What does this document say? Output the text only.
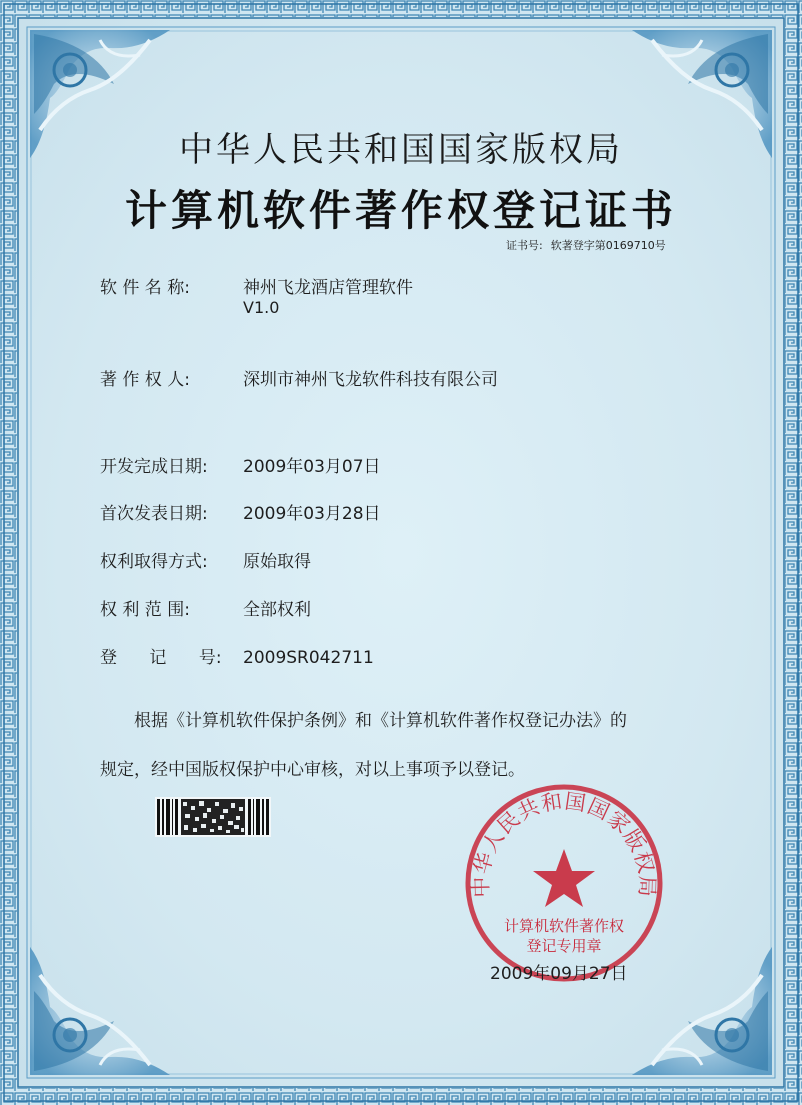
中华人民共和国国家版权局
计算机软件著作权登记证书
证书号: 软著登字第0169710号
软 件 名 称:	神州飞龙酒店管理软件
V1.0
著 作 权 人:	深圳市神州飞龙软件科技有限公司
开发完成日期: 2009年03月07日
首次发表日期: 2009年03月28日
权利取得方式: 原始取得
权 利 范 围:	全部权利
登      记      号: 2009SR042711
根据《计算机软件保护条例》和《计算机软件著作权登记办法》的
规定，经中国版权保护中心审核，对以上事项予以登记。
中华人民共和国国家版权局
计算机软件著作权
登记专用章
2009年09月27日
